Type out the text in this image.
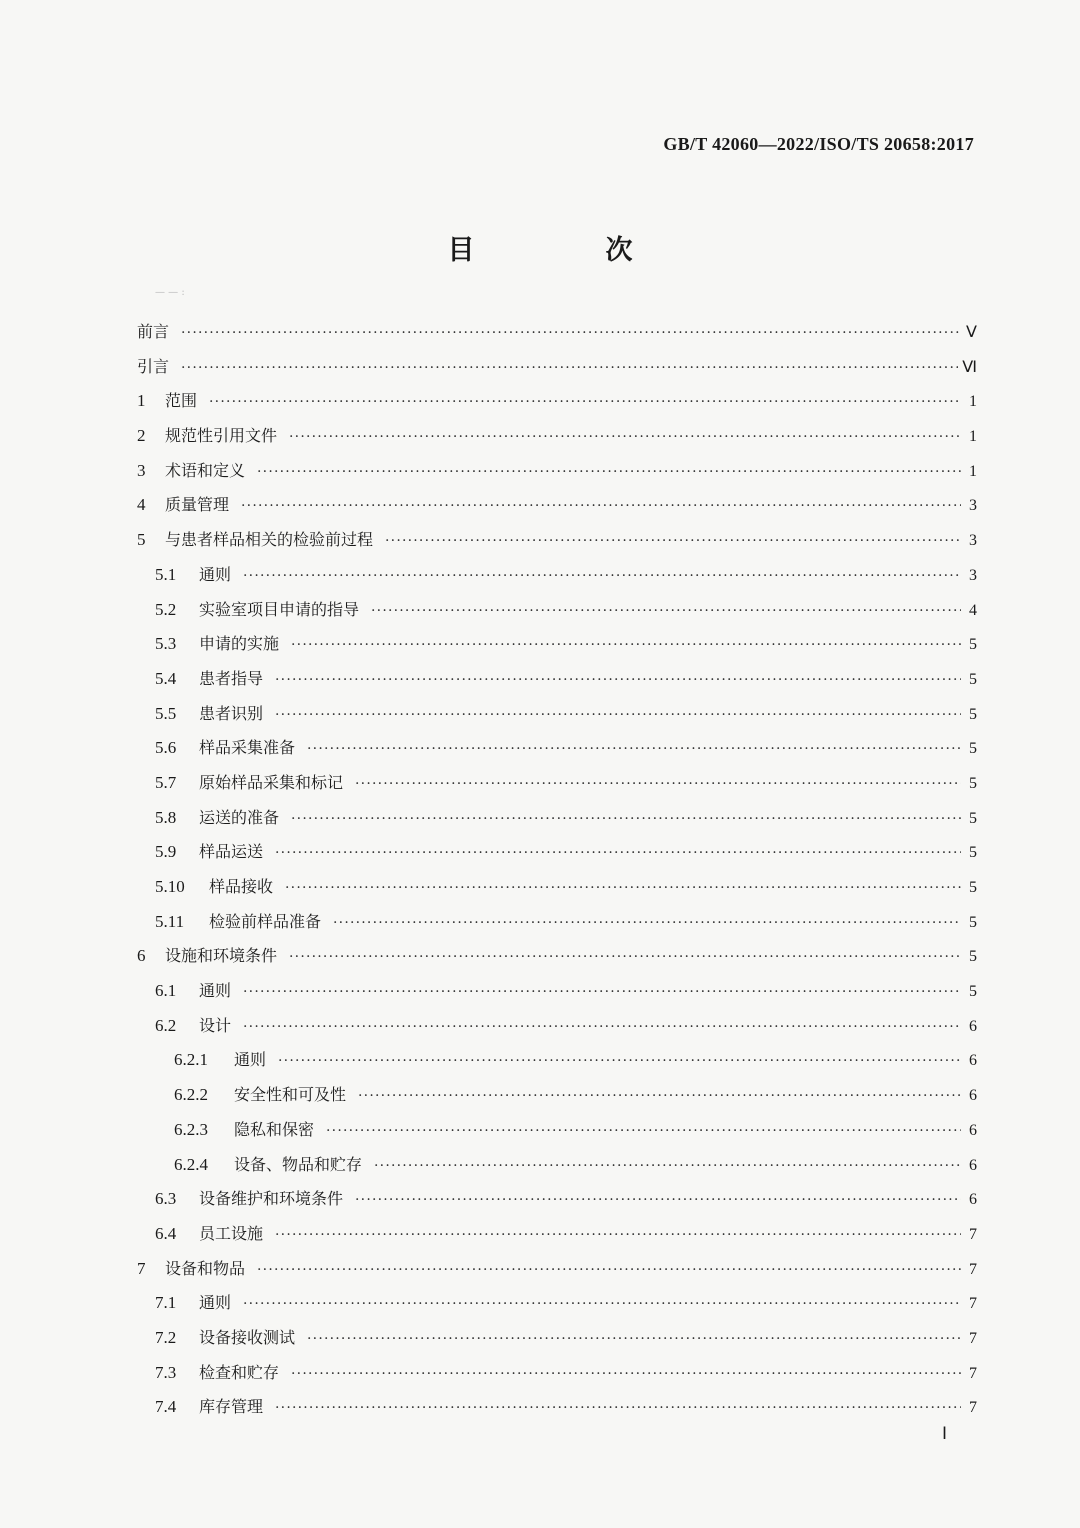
GB/T 42060—2022/ISO/TS 20658:2017
目　次
— — :
前言 ·····	Ⅴ
引言 ·····	Ⅵ
1	范围 ·····	1
2	规范性引用文件 ·····	1
3	术语和定义 ·····	1
4	质量管理 ·····	3
5	与患者样品相关的检验前过程 ·····	3
5.1	通则 ·····	3
5.2	实验室项目申请的指导 ·····	4
5.3	申请的实施 ·····	5
5.4	患者指导 ·····	5
5.5	患者识别 ·····	5
5.6	样品采集准备 ·····	5
5.7	原始样品采集和标记 ·····	5
5.8	运送的准备 ·····	5
5.9	样品运送 ·····	5
5.10	样品接收 ·····	5
5.11	检验前样品准备 ·····	5
6	设施和环境条件 ·····	5
6.1	通则 ·····	5
6.2	设计 ·····	6
6.2.1	通则 ·····	6
6.2.2	安全性和可及性 ·····	6
6.2.3	隐私和保密 ·····	6
6.2.4	设备、物品和贮存 ·····	6
6.3	设备维护和环境条件 ·····	6
6.4	员工设施 ·····	7
7	设备和物品 ·····	7
7.1	通则 ·····	7
7.2	设备接收测试 ·····	7
7.3	检查和贮存 ·····	7
7.4	库存管理 ·····	7
Ⅰ
